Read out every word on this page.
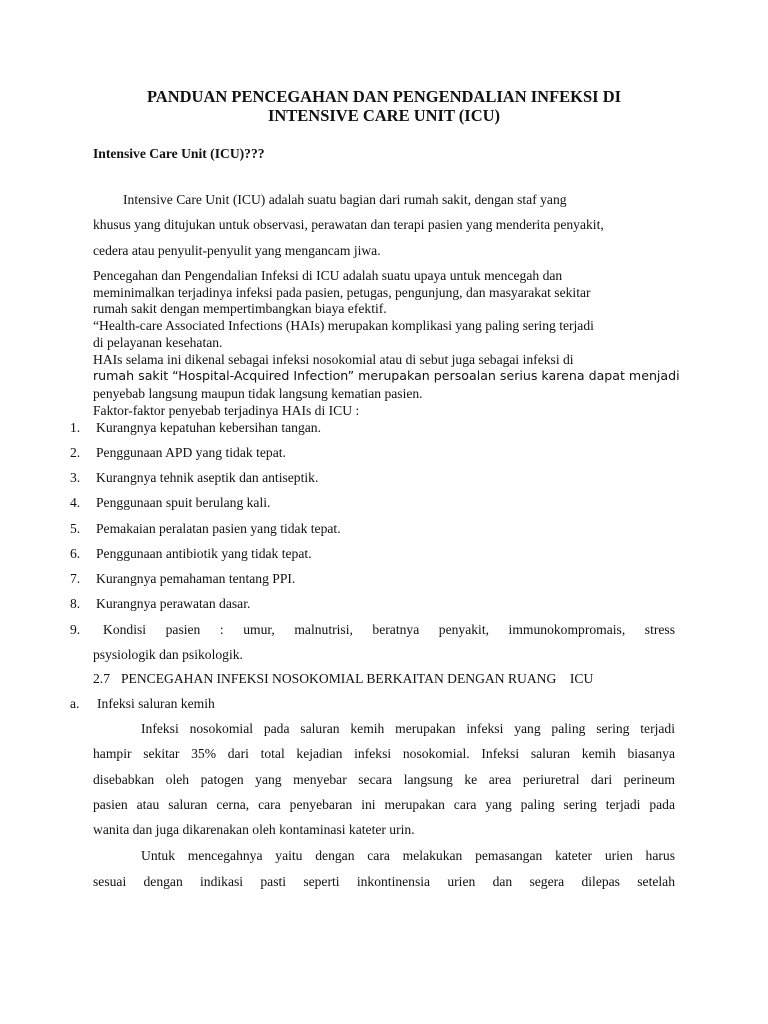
PANDUAN PENCEGAHAN DAN PENGENDALIAN INFEKSI DI
INTENSIVE CARE UNIT (ICU)
Intensive Care Unit (ICU)???
Intensive Care Unit (ICU) adalah suatu bagian dari rumah sakit, dengan staf yang
khusus yang ditujukan untuk observasi, perawatan dan terapi pasien yang menderita penyakit,
cedera atau penyulit-penyulit yang mengancam jiwa.
Pencegahan dan Pengendalian Infeksi di ICU adalah suatu upaya untuk mencegah dan
meminimalkan terjadinya infeksi pada pasien, petugas, pengunjung, dan masyarakat sekitar
rumah sakit dengan mempertimbangkan biaya efektif.
“Health-care Associated Infections (HAIs) merupakan komplikasi yang paling sering terjadi
di pelayanan kesehatan.
HAIs selama ini dikenal sebagai infeksi nosokomial atau di sebut juga sebagai infeksi di
rumah sakit “Hospital-Acquired Infection” merupakan persoalan serius karena dapat menjadi
penyebab langsung maupun tidak langsung kematian pasien.
Faktor-faktor penyebab terjadinya HAIs di ICU :
1. Kurangnya kepatuhan kebersihan tangan.
2. Penggunaan APD yang tidak tepat.
3. Kurangnya tehnik aseptik dan antiseptik.
4. Penggunaan spuit berulang kali.
5. Pemakaian peralatan pasien yang tidak tepat.
6. Penggunaan antibiotik yang tidak tepat.
7. Kurangnya pemahaman tentang PPI.
8. Kurangnya perawatan dasar.
9. Kondisi pasien : umur, malnutrisi, beratnya penyakit, immunokompromais, stress
psysiologik dan psikologik.
2.7 PENCEGAHAN INFEKSI NOSOKOMIAL BERKAITAN DENGAN RUANG    ICU
a. Infeksi saluran kemih
Infeksi nosokomial pada saluran kemih merupakan infeksi yang paling sering terjadi
hampir sekitar 35% dari total kejadian infeksi nosokomial. Infeksi saluran kemih biasanya
disebabkan oleh patogen yang menyebar secara langsung ke area periuretral dari perineum
pasien atau saluran cerna, cara penyebaran ini merupakan cara yang paling sering terjadi pada
wanita dan juga dikarenakan oleh kontaminasi kateter urin.
Untuk mencegahnya yaitu dengan cara melakukan pemasangan kateter urien harus
sesuai dengan indikasi pasti seperti inkontinensia urien dan segera dilepas setelah
